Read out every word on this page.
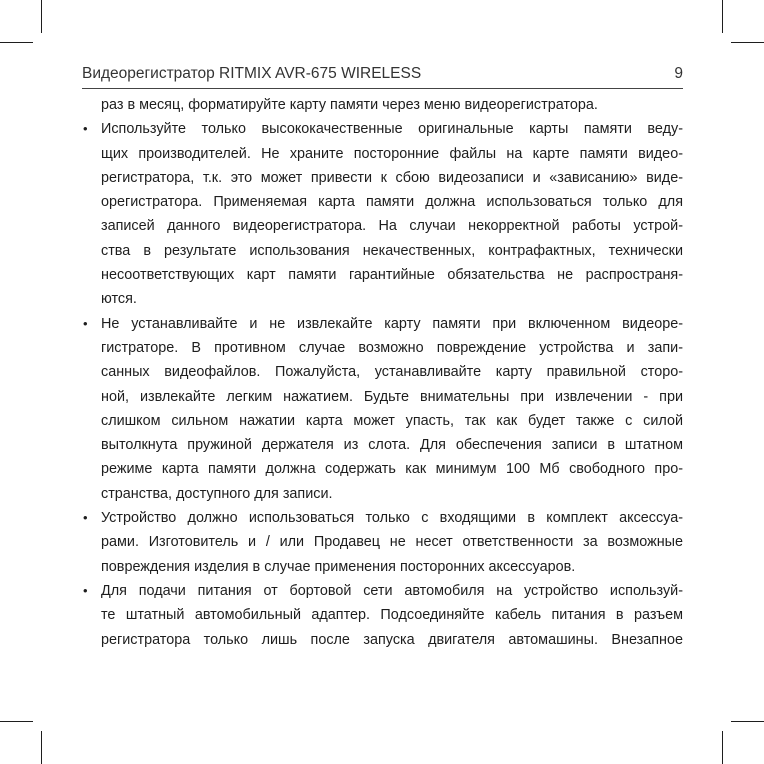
Видеорегистратор RITMIX AVR-675 WIRELESS	9
раз в месяц, форматируйте карту памяти через меню видеорегистратора.
• Используйте только высококачественные оригинальные карты памяти веду-
щих производителей. Не храните посторонние файлы на карте памяти видео-
регистратора, т.к. это может привести к сбою видеозаписи и «зависанию» виде-
орегистратора. Применяемая карта памяти должна использоваться только для
записей данного видеорегистратора. На случаи некорректной работы устрой-
ства в результате использования некачественных, контрафактных, технически
несоответствующих карт памяти гарантийные обязательства не распространя-
ются.
• Не устанавливайте и не извлекайте карту памяти при включенном видеоре-
гистраторе. В противном случае возможно повреждение устройства и запи-
санных видеофайлов. Пожалуйста, устанавливайте карту правильной сторо-
ной, извлекайте легким нажатием. Будьте внимательны при извлечении - при
слишком сильном нажатии карта может упасть, так как будет также с силой
вытолкнута пружиной держателя из слота. Для обеспечения записи в штатном
режиме карта памяти должна содержать как минимум 100 Мб свободного про-
странства, доступного для записи.
• Устройство должно использоваться только с входящими в комплект аксессуа-
рами. Изготовитель и / или Продавец не несет ответственности за возможные
повреждения изделия в случае применения посторонних аксессуаров.
• Для подачи питания от бортовой сети автомобиля на устройство используй-
те штатный автомобильный адаптер. Подсоединяйте кабель питания в разъем
регистратора только лишь после запуска двигателя автомашины. Внезапное
